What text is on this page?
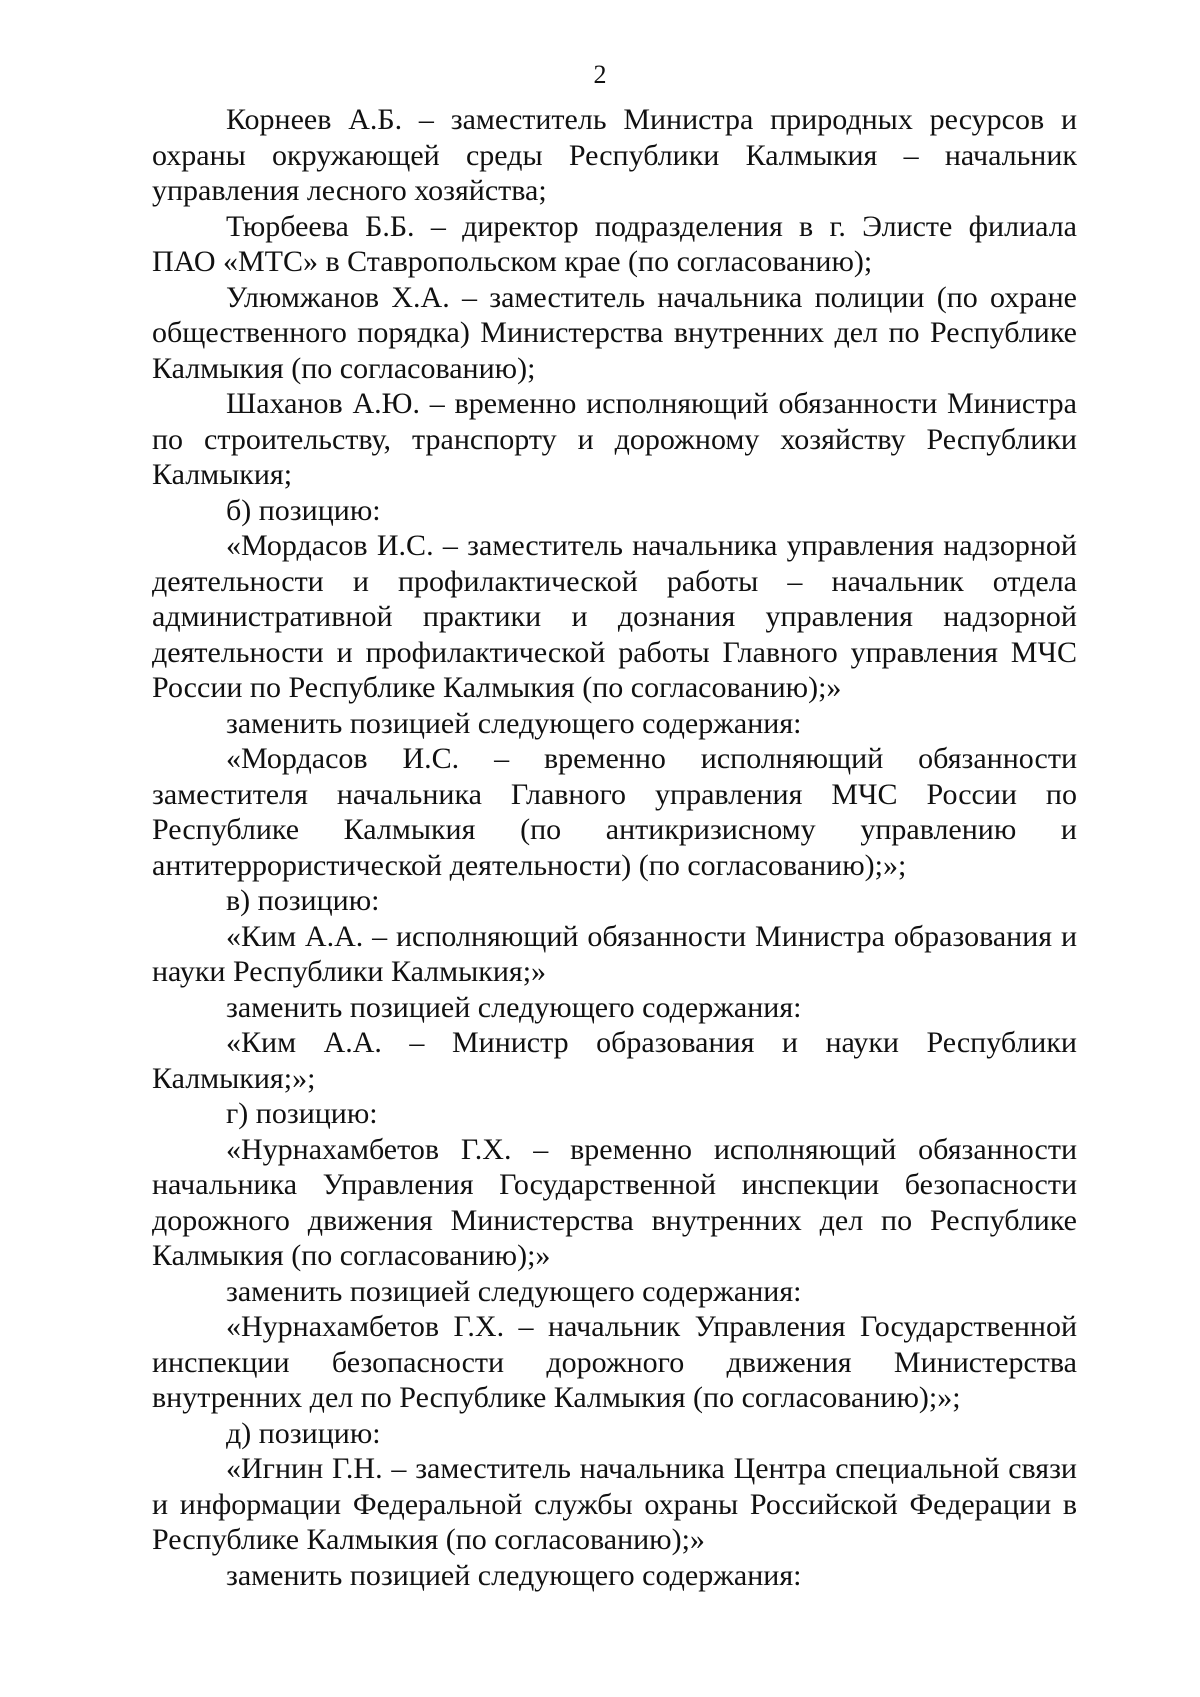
2

Корнеев А.Б. – заместитель Министра природных ресурсов и охраны окружающей среды Республики Калмыкия – начальник управления лесного хозяйства;

Тюрбеева Б.Б. – директор подразделения в г. Элисте филиала ПАО «МТС» в Ставропольском крае (по согласованию);

Улюмжанов Х.А. – заместитель начальника полиции (по охране общественного порядка) Министерства внутренних дел по Республике Калмыкия (по согласованию);

Шаханов А.Ю. – временно исполняющий обязанности Министра по строительству, транспорту и дорожному хозяйству Республики Калмыкия;

б) позицию:

«Мордасов И.С. – заместитель начальника управления надзорной деятельности и профилактической работы – начальник отдела административной практики и дознания управления надзорной деятельности и профилактической работы Главного управления МЧС России по Республике Калмыкия (по согласованию);»

заменить позицией следующего содержания:

«Мордасов И.С. – временно исполняющий обязанности заместителя начальника Главного управления МЧС России по Республике Калмыкия (по антикризисному управлению и антитеррористической деятельности) (по согласованию);»;

в) позицию:

«Ким А.А. – исполняющий обязанности Министра образования и науки Республики Калмыкия;»

заменить позицией следующего содержания:

«Ким А.А. – Министр образования и науки Республики Калмыкия;»;

г) позицию:

«Нурнахамбетов Г.Х. – временно исполняющий обязанности начальника Управления Государственной инспекции безопасности дорожного движения Министерства внутренних дел по Республике Калмыкия (по согласованию);»

заменить позицией следующего содержания:

«Нурнахамбетов Г.Х. – начальник Управления Государственной инспекции безопасности дорожного движения Министерства внутренних дел по Республике Калмыкия (по согласованию);»;

д) позицию:

«Игнин Г.Н. – заместитель начальника Центра специальной связи и информации Федеральной службы охраны Российской Федерации в Республике Калмыкия (по согласованию);»

заменить позицией следующего содержания:
